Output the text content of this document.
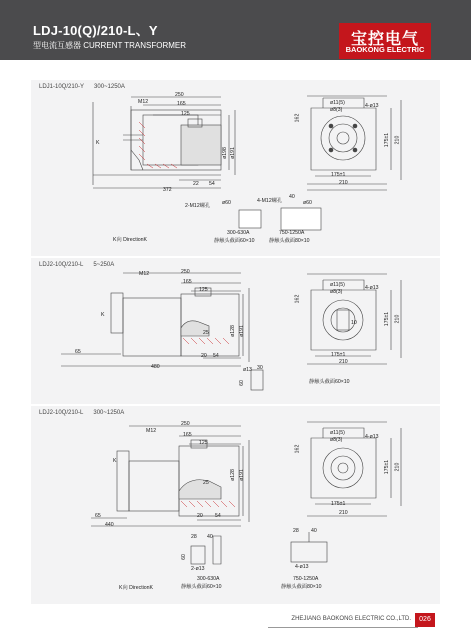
LDJ-10(Q)/210-L、Y
型电流互感器 CURRENT TRANSFORMER	宝控电气
BAOKONG ELECTRIC
LDJ1-10Q/210-Y 300~1250A
250
165
125
M12
K
ø198 ø191
22 54
372
162
4-ø13
ø11(5)
ø8(3)
175±1 210
175±1
210
2-M12螺孔 ø60	4-M12螺孔
40
ø60
K向 DirectionK
300-630A
静触头截面60×10
750-1250A
静触头截面80×10
LDJ2-10Q/210-L 5~250A
250
165
125
M12
K
25	ø128 ø191
20 54
65
480
162
4-ø13
ø11(5)
ø8(3)
10	175±1 210
175±1
210
ø13 30
60	静触头截面60×10
LDJ2-10Q/210-L 300~1250A
250
165
125
M12
K
25
ø128 ø191
20 54
65
440
162
4-ø13
ø11(5)
ø8(3)
175±1 210
175±1
210
28 40
60
2-ø13
28 40
4-ø13
K向 DirectionK
300-630A
静触头截面60×10
750-1250A
静触头截面80×10
ZHEJIANG BAOKONG ELECTRIC CO.,LTD.	026
